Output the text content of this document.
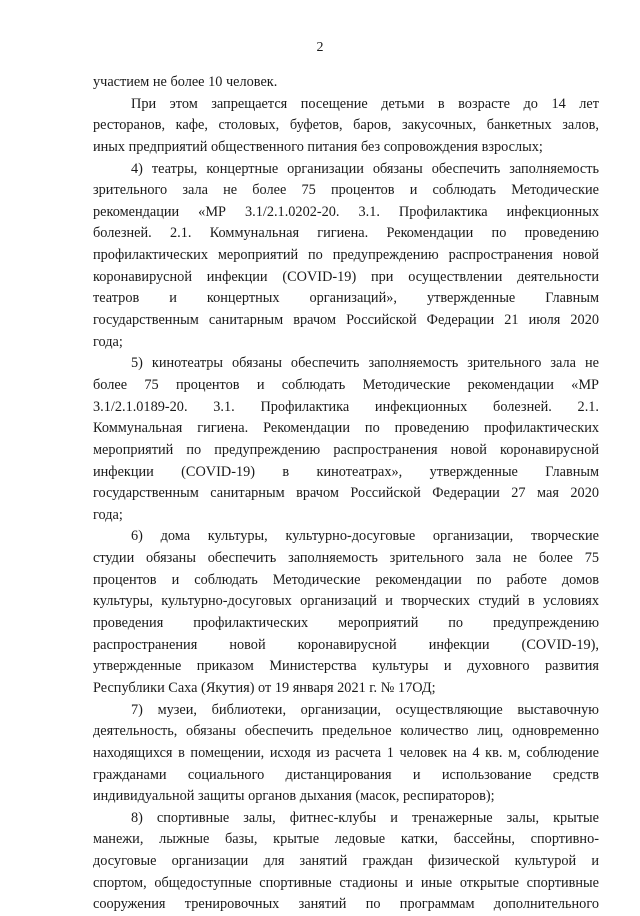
2
участием не более 10 человек.
При этом запрещается посещение детьми в возрасте до 14 лет
ресторанов, кафе, столовых, буфетов, баров, закусочных, банкетных залов,
иных предприятий общественного питания без сопровождения взрослых;
4) театры, концертные организации обязаны обеспечить заполняемость
зрительного зала не более 75 процентов и соблюдать Методические
рекомендации «МР 3.1/2.1.0202-20. 3.1. Профилактика инфекционных
болезней. 2.1. Коммунальная гигиена. Рекомендации по проведению
профилактических мероприятий по предупреждению распространения новой
коронавирусной инфекции (COVID-19) при осуществлении деятельности
театров и концертных организаций», утвержденные Главным
государственным санитарным врачом Российской Федерации 21 июля 2020
года;
5) кинотеатры обязаны обеспечить заполняемость зрительного зала не
более 75 процентов и соблюдать Методические рекомендации «МР
3.1/2.1.0189-20. 3.1. Профилактика инфекционных болезней. 2.1.
Коммунальная гигиена. Рекомендации по проведению профилактических
мероприятий по предупреждению распространения новой коронавирусной
инфекции (COVID-19) в кинотеатрах», утвержденные Главным
государственным санитарным врачом Российской Федерации 27 мая 2020
года;
6) дома культуры, культурно-досуговые организации, творческие
студии обязаны обеспечить заполняемость зрительного зала не более 75
процентов и соблюдать Методические рекомендации по работе домов
культуры, культурно-досуговых организаций и творческих студий в условиях
проведения профилактических мероприятий по предупреждению
распространения новой коронавирусной инфекции (COVID-19),
утвержденные приказом Министерства культуры и духовного развития
Республики Саха (Якутия) от 19 января 2021 г. № 17ОД;
7) музеи, библиотеки, организации, осуществляющие выставочную
деятельность, обязаны обеспечить предельное количество лиц, одновременно
находящихся в помещении, исходя из расчета 1 человек на 4 кв. м, соблюдение
гражданами социального дистанцирования и использование средств
индивидуальной защиты органов дыхания (масок, респираторов);
8) спортивные залы, фитнес-клубы и тренажерные залы, крытые
манежи, лыжные базы, крытые ледовые катки, бассейны, спортивно-
досуговые организации для занятий граждан физической культурой и
спортом, общедоступные спортивные стадионы и иные открытые спортивные
сооружения тренировочных занятий по программам дополнительного
